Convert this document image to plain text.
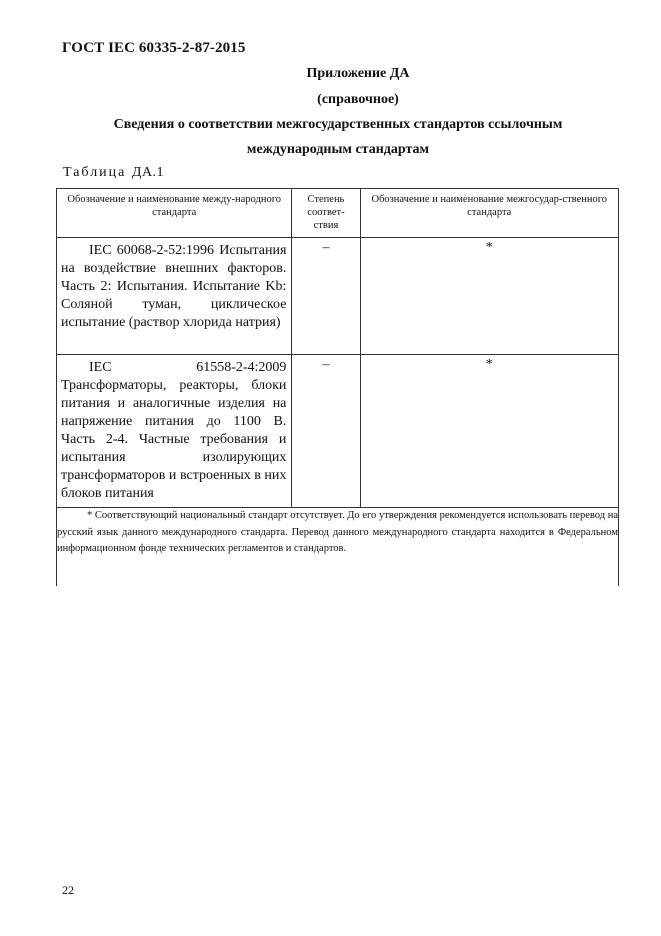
ГОСТ IEC 60335-2-87-2015
Приложение ДА
(справочное)
Сведения о соответствии межгосударственных стандартов ссылочным
международным стандартам
Таблица ДА.1
Обозначение и наименование между-народного стандарта	Степень соответ-ствия	Обозначение и наименование межгосудар-ственного стандарта

IEC 60068-2-52:1996 Испытания на воздействие внешних факторов. Часть 2: Испытания. Испытание Kb: Соляной туман, циклическое испытание (раствор хлорида натрия)	–	*

IEC 61558-2-4:2009 Трансформаторы, реакторы, блоки питания и аналогичные изделия на напряжение питания до 1100 В. Часть 2-4. Частные требования и испытания изолирующих трансформаторов и встроенных в них блоков питания	–	*

* Соответствующий национальный стандарт отсутствует. До его утверждения рекомендуется использовать перевод на русский язык данного международного стандарта. Перевод данного международного стандарта находится в Федеральном информационном фонде технических регламентов и стандартов.		
22
